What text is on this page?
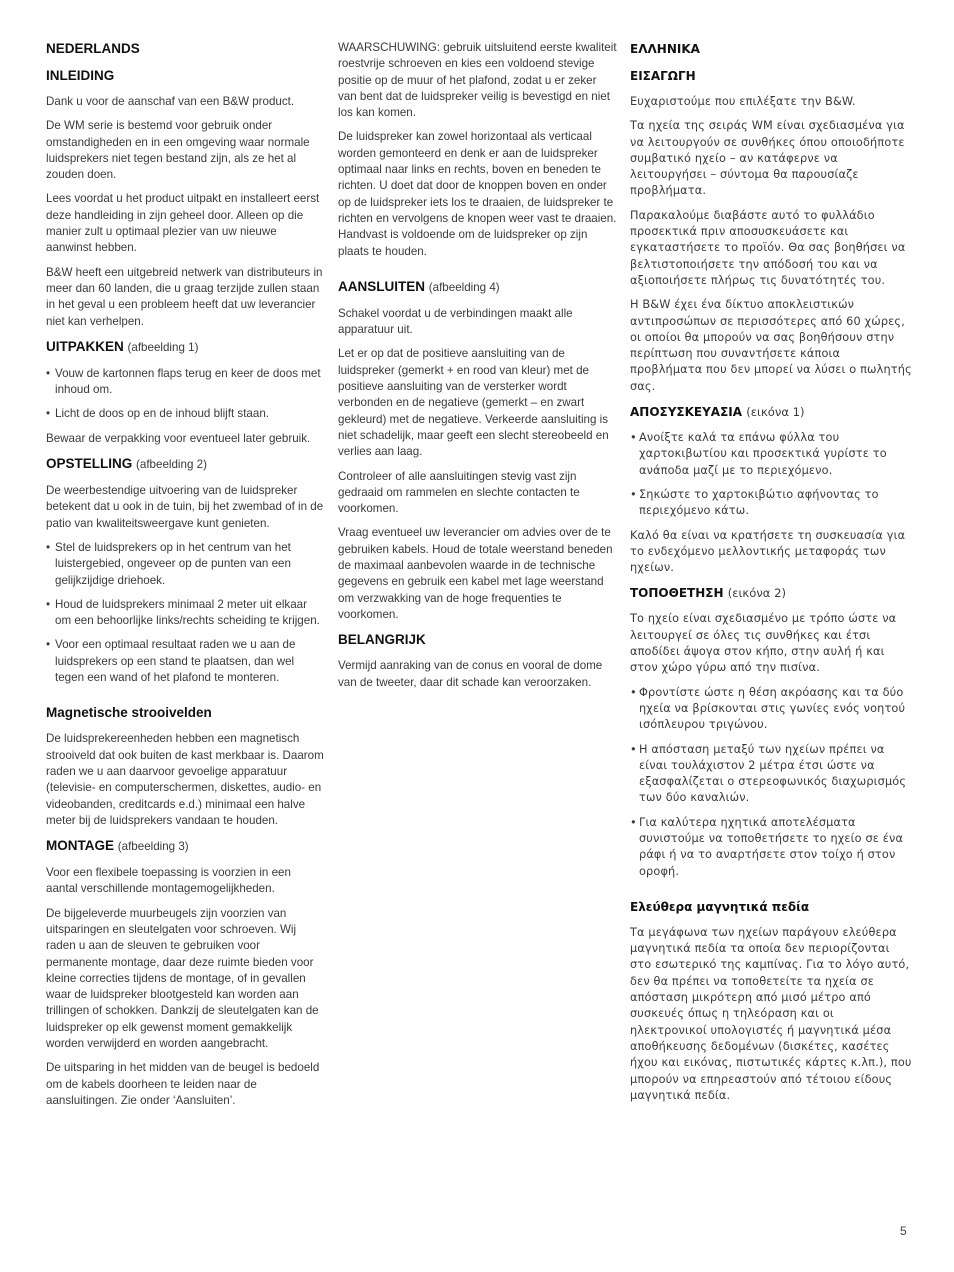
NEDERLANDS
INLEIDING

Dank u voor de aanschaf van een B&W product.

De WM serie is bestemd voor gebruik onder omstandigheden en in een omgeving waar normale luidsprekers niet tegen bestand zijn, als ze het al zouden doen.

Lees voordat u het product uitpakt en installeert eerst deze handleiding in zijn geheel door. Alleen op die manier zult u optimaal plezier van uw nieuwe aanwinst hebben.

B&W heeft een uitgebreid netwerk van distributeurs in meer dan 60 landen, die u graag terzijde zullen staan in het geval u een probleem heeft dat uw leverancier niet kan verhelpen.

UITPAKKEN (afbeelding 1)

• Vouw de kartonnen flaps terug en keer de doos met inhoud om.

• Licht de doos op en de inhoud blijft staan.

Bewaar de verpakking voor eventueel later gebruik.

OPSTELLING (afbeelding 2)

De weerbestendige uitvoering van de luidspreker betekent dat u ook in de tuin, bij het zwembad of in de patio van kwaliteitsweergave kunt genieten.

• Stel de luidsprekers op in het centrum van het luistergebied, ongeveer op de punten van een gelijkzijdige driehoek.

• Houd de luidsprekers minimaal 2 meter uit elkaar om een behoorlijke links/rechts scheiding te krijgen.

• Voor een optimaal resultaat raden we u aan de luidsprekers op een stand te plaatsen, dan wel tegen een wand of het plafond te monteren.

Magnetische strooivelden

De luidsprekereenheden hebben een magnetisch strooiveld dat ook buiten de kast merkbaar is. Daarom raden we u aan daarvoor gevoelige apparatuur (televisie- en computerschermen, diskettes, audio- en videobanden, creditcards e.d.) minimaal een halve meter bij de luidsprekers vandaan te houden.

MONTAGE (afbeelding 3)

Voor een flexibele toepassing is voorzien in een aantal verschillende montagemogelijkheden.

De bijgeleverde muurbeugels zijn voorzien van uitsparingen en sleutelgaten voor schroeven. Wij raden u aan de sleuven te gebruiken voor permanente montage, daar deze ruimte bieden voor kleine correcties tijdens de montage, of in gevallen waar de luidspreker blootgesteld kan worden aan trillingen of schokken. Dankzij de sleutelgaten kan de luidspreker op elk gewenst moment gemakkelijk worden verwijderd en worden aangebracht.

De uitsparing in het midden van de beugel is bedoeld om de kabels doorheen te leiden naar de aansluitingen. Zie onder ‘Aansluiten’.

WAARSCHUWING: gebruik uitsluitend eerste kwaliteit roestvrije schroeven en kies een voldoend stevige positie op de muur of het plafond, zodat u er zeker van bent dat de luidspreker veilig is bevestigd en niet los kan komen.

De luidspreker kan zowel horizontaal als verticaal worden gemonteerd en denk er aan de luidspreker optimaal naar links en rechts, boven en beneden te richten. U doet dat door de knoppen boven en onder op de luidspreker iets los te draaien, de luidspreker te richten en vervolgens de knopen weer vast te draaien. Handvast is voldoende om de luidspreker op zijn plaats te houden.

AANSLUITEN (afbeelding 4)

Schakel voordat u de verbindingen maakt alle apparatuur uit.

Let er op dat de positieve aansluiting van de luidspreker (gemerkt + en rood van kleur) met de positieve aansluiting van de versterker wordt verbonden en de negatieve (gemerkt – en zwart gekleurd) met de negatieve. Verkeerde aansluiting is niet schadelijk, maar geeft een slecht stereobeeld en verlies aan laag.

Controleer of alle aansluitingen stevig vast zijn gedraaid om rammelen en slechte contacten te voorkomen.

Vraag eventueel uw leverancier om advies over de te gebruiken kabels. Houd de totale weerstand beneden de maximaal aanbevolen waarde in de technische gegevens en gebruik een kabel met lage weerstand om verzwakking van de hoge frequenties te voorkomen.

BELANGRIJK

Vermijd aanraking van de conus en vooral de dome van de tweeter, daar dit schade kan veroorzaken.

ΕΛΛΗΝΙΚΑ
ΕΙΣΑΓΩΓΗ

Ευχαριστούμε που επιλέξατε την B&W.

Τα ηχεία της σειράς WM είναι σχεδιασμένα για να λειτουργούν σε συνθήκες όπου οποιοδήποτε συμβατικό ηχείο – αν κατάφερνε να λειτουργήσει – σύντομα θα παρουσίαζε προβλήματα.

Παρακαλούμε διαβάστε αυτό το φυλλάδιο προσεκτικά πριν αποσυσκευάσετε και εγκαταστήσετε το προϊόν. Θα σας βοηθήσει να βελτιστοποιήσετε την απόδοσή του και να αξιοποιήσετε πλήρως τις δυνατότητές του.

Η B&W έχει ένα δίκτυο αποκλειστικών αντιπροσώπων σε περισσότερες από 60 χώρες, οι οποίοι θα μπορούν να σας βοηθήσουν στην περίπτωση που συναντήσετε κάποια προβλήματα που δεν μπορεί να λύσει ο πωλητής σας.

ΑΠΟΣΥΣΚΕΥΑΣΙΑ (εικόνα 1)

• Ανοίξτε καλά τα επάνω φύλλα του χαρτοκιβωτίου και προσεκτικά γυρίστε το ανάποδα μαζί με το περιεχόμενο.

• Σηκώστε το χαρτοκιβώτιο αφήνοντας το περιεχόμενο κάτω.

Καλό θα είναι να κρατήσετε τη συσκευασία για το ενδεχόμενο μελλοντικής μεταφοράς των ηχείων.

ΤΟΠΟΘΕΤΗΣΗ (εικόνα 2)

Το ηχείο είναι σχεδιασμένο με τρόπο ώστε να λειτουργεί σε όλες τις συνθήκες και έτσι αποδίδει άψογα στον κήπο, στην αυλή ή και στον χώρο γύρω από την πισίνα.

• Φροντίστε ώστε η θέση ακρόασης και τα δύο ηχεία να βρίσκονται στις γωνίες ενός νοητού ισόπλευρου τριγώνου.

• Η απόσταση μεταξύ των ηχείων πρέπει να είναι τουλάχιστον 2 μέτρα έτσι ώστε να εξασφαλίζεται ο στερεοφωνικός διαχωρισμός των δύο καναλιών.

• Για καλύτερα ηχητικά αποτελέσματα συνιστούμε να τοποθετήσετε το ηχείο σε ένα ράφι ή να το αναρτήσετε στον τοίχο ή στον οροφή.

Ελεύθερα μαγνητικά πεδία

Τα μεγάφωνα των ηχείων παράγουν ελεύθερα μαγνητικά πεδία τα οποία δεν περιορίζονται στο εσωτερικό της καμπίνας. Για το λόγο αυτό, δεν θα πρέπει να τοποθετείτε τα ηχεία σε απόσταση μικρότερη από μισό μέτρο από συσκευές όπως η τηλεόραση και οι ηλεκτρονικοί υπολογιστές ή μαγνητικά μέσα αποθήκευσης δεδομένων (δισκέτες, κασέτες ήχου και εικόνας, πιστωτικές κάρτες κ.λπ.), που μπορούν να επηρεαστούν από τέτοιου είδους μαγνητικά πεδία.

5
